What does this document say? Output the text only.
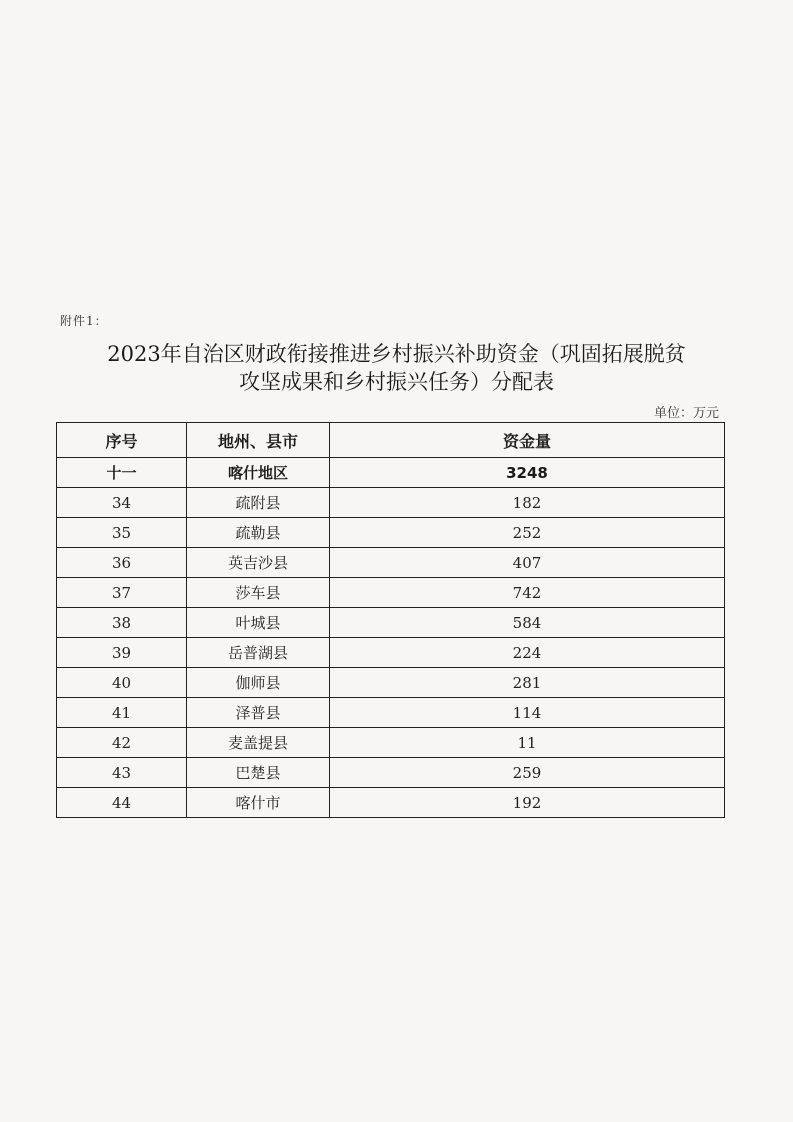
附件1：
2023年自治区财政衔接推进乡村振兴补助资金（巩固拓展脱贫
攻坚成果和乡村振兴任务）分配表
单位：万元
序号	地州、县市	资金量
十一	喀什地区	3248
34	疏附县	182
35	疏勒县	252
36	英吉沙县	407
37	莎车县	742
38	叶城县	584
39	岳普湖县	224
40	伽师县	281
41	泽普县	114
42	麦盖提县	11
43	巴楚县	259
44	喀什市	192
